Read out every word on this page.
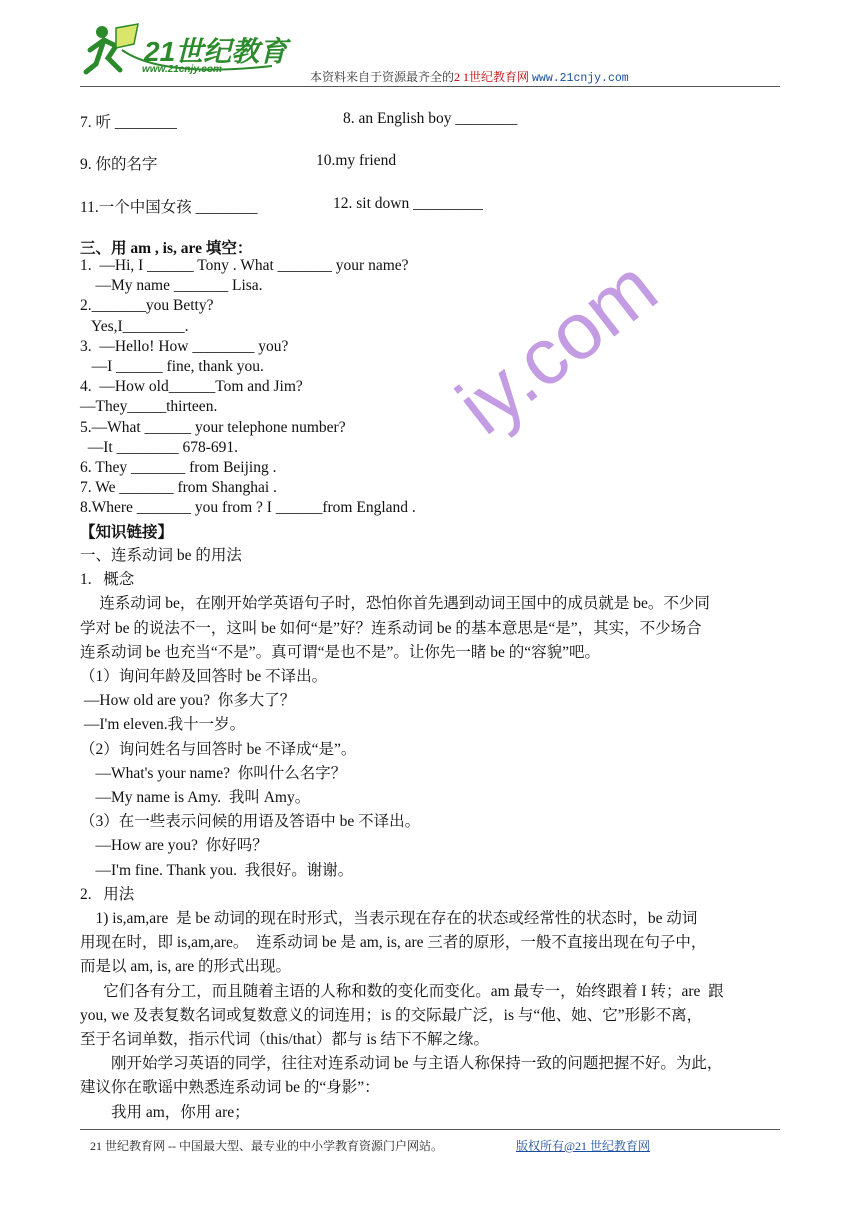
21世纪教育
www.21cnjy.com
本资料来自于资源最齐全的2 1世纪教育网 www.21cnjy.com
iy.com
7. 听 ________	8. an English boy ________
9. 你的名字	10.my friend
11.一个中国女孩 ________	12. sit down _________
三、用 am , is, are 填空：
1.  —Hi, I ______ Tony . What _______ your name?
—My name _______ Lisa.
2._______you Betty?
Yes,I________.
3.  —Hello! How ________ you?
—I ______ fine, thank you.
4.  —How old______Tom and Jim?
—They_____thirteen.
5.—What ______ your telephone number?
—It ________ 678-691.
6. They _______ from Beijing .
7. We _______ from Shanghai .
8.Where _______ you from ? I ______from England .
【知识链接】
一、连系动词 be 的用法
1.   概念
连系动词 be，在刚开始学英语句子时，恐怕你首先遇到动词王国中的成员就是 be。不少同
学对 be 的说法不一，这叫 be 如何“是”好？连系动词 be 的基本意思是“是”，其实，不少场合
连系动词 be 也充当“不是”。真可谓“是也不是”。让你先一睹 be 的“容貌”吧。
（1）询问年龄及回答时 be 不译出。
—How old are you?  你多大了？
—I'm eleven.我十一岁。
（2）询问姓名与回答时 be 不译成“是”。
—What's your name?  你叫什么名字？
—My name is Amy.  我叫 Amy。
（3）在一些表示问候的用语及答语中 be 不译出。
—How are you?  你好吗？
—I'm fine. Thank you.  我很好。谢谢。
2.   用法
1) is,am,are  是 be 动词的现在时形式，当表示现在存在的状态或经常性的状态时，be 动词
用现在时，即 is,am,are。  连系动词 be 是 am, is, are 三者的原形，一般不直接出现在句子中，
而是以 am, is, are 的形式出现。
它们各有分工，而且随着主语的人称和数的变化而变化。am 最专一，始终跟着 I 转；are  跟
you, we 及表复数名词或复数意义的词连用；is 的交际最广泛，is 与“他、她、它”形影不离，
至于名词单数，指示代词（this/that）都与 is 结下不解之缘。
刚开始学习英语的同学，往往对连系动词 be 与主语人称保持一致的问题把握不好。为此，
建议你在歌谣中熟悉连系动词 be 的“身影”：
我用 am，你用 are；
21 世纪教育网 -- 中国最大型、最专业的中小学教育资源门户网站。	版权所有@21 世纪教育网
